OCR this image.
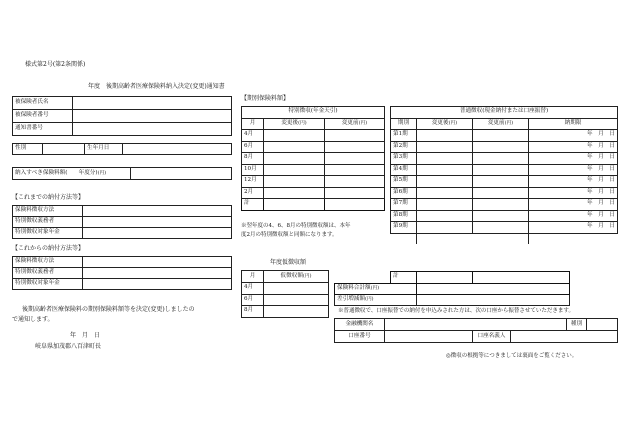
様式第2号(第2条関係)
年度　後期高齢者医療保険料納入決定(変更)通知書
被保険者氏名	
被保険者番号	
通知書番号	
性別		生年月日	
納入すべき保険料額(　　年度分)(円)	
【これまでの納付方法等】
保険料徴収方法	
特別徴収義務者	
特別徴収対象年金	
【これからの納付方法等】
保険料徴収方法	
特別徴収義務者	
特別徴収対象年金	
後期高齢者医療保険料の期別保険料額等を決定(変更)しましたの
で通知します。
年　月　日
岐阜県加茂郡八百津町長
【期別保険料額】
特別徴収(年金天引)		
月	変更後(円)	変更前(円)
4月		
6月		
8月		
10月		
12月		
2月		
計		
※翌年度の4、6、8月の特別徴収額は、本年
度2月の特別徴収額と同額になります。
普通徴収(現金納付または口座振替)			
期別	変更後(円)	変更前(円)	納期限
第1期			年　月　日
第2期			年　月　日
第3期			年　月　日
第4期			年　月　日
第5期			年　月　日
第6期			年　月　日
第7期			年　月　日
第8期			年　月　日
第9期			年　月　日

計		
年度仮徴収額
月	仮徴収額(円)
4月	
6月	
8月	
保険料合計額(円)	
差引増減額(円)	
※普通徴収で、口座振替での納付を申込みされた方は、次の口座から振替させていただきます。
金融機関名				種別	
口座番号		口座名義人			
◎徴収の根拠等につきましては裏面をご覧ください。
